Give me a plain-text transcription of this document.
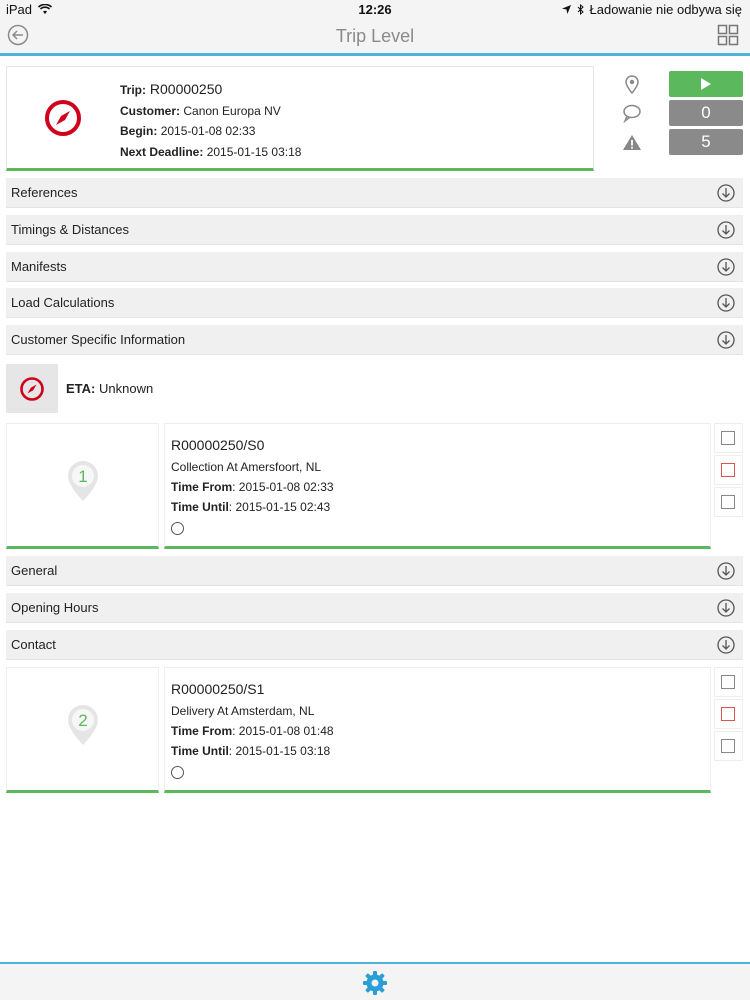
iPad	12:26	Ładowanie nie odbywa się
Trip Level
Trip: R00000250
Customer: Canon Europa NV
Begin: 2015-01-08 02:33
Next Deadline: 2015-01-15 03:18
0
5
References
Timings & Distances
Manifests
Load Calculations
Customer Specific Information
ETA: Unknown
1
R00000250/S0
Collection At Amersfoort, NL
Time From: 2015-01-08 02:33
Time Until: 2015-01-15 02:43
General
Opening Hours
Contact
2
R00000250/S1
Delivery At Amsterdam, NL
Time From: 2015-01-08 01:48
Time Until: 2015-01-15 03:18
